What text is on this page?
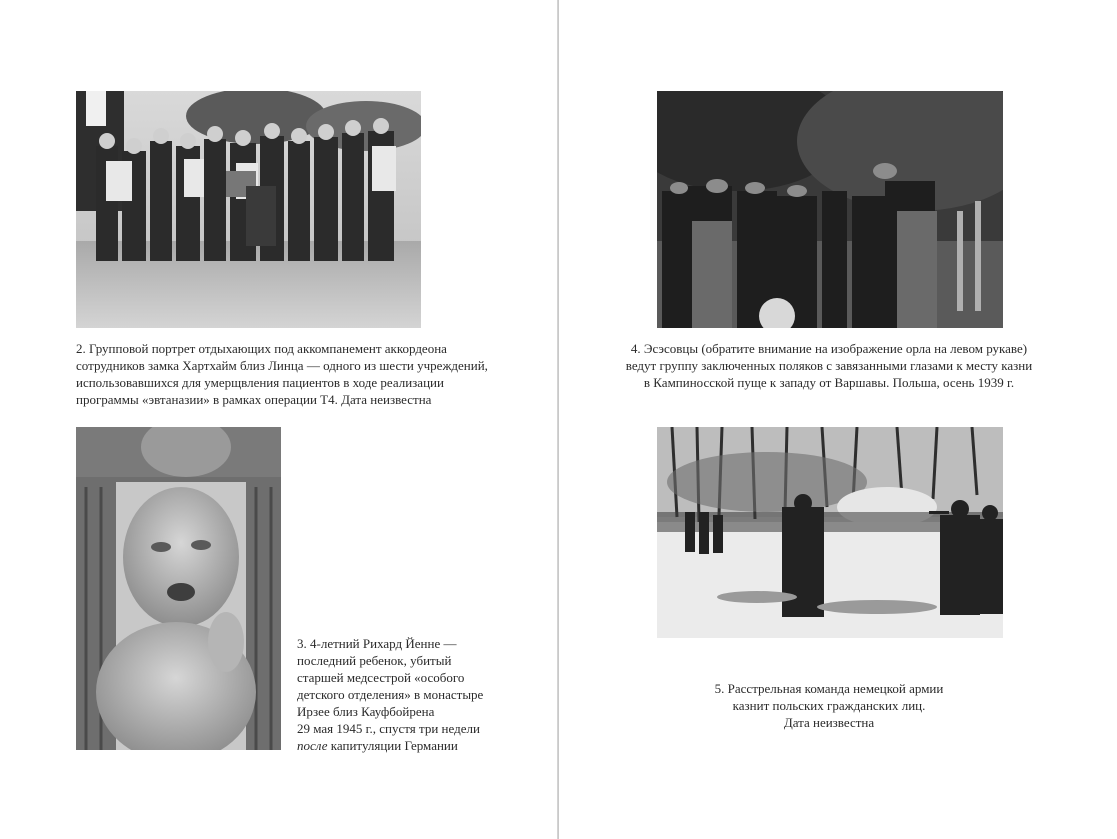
2. Групповой портрет отдыхающих под аккомпанемент аккордеона
сотрудников замка Хартхайм близ Линца — одного из шести учреждений,
использовавшихся для умерщвления пациентов в ходе реализации
программы «эвтаназии» в рамках операции Т4. Дата неизвестна

3. 4-летний Рихард Йенне —
последний ребенок, убитый
старшей медсестрой «особого
детского отделения» в монастыре
Ирзее близ Кауфбойрена
29 мая 1945 г., спустя три недели
после капитуляции Германии

4. Эсэсовцы (обратите внимание на изображение орла на левом рукаве)
ведут группу заключенных поляков с завязанными глазами к месту казни
в Кампиносской пуще к западу от Варшавы. Польша, осень 1939 г.

5. Расстрельная команда немецкой армии
казнит польских гражданских лиц.
Дата неизвестна
